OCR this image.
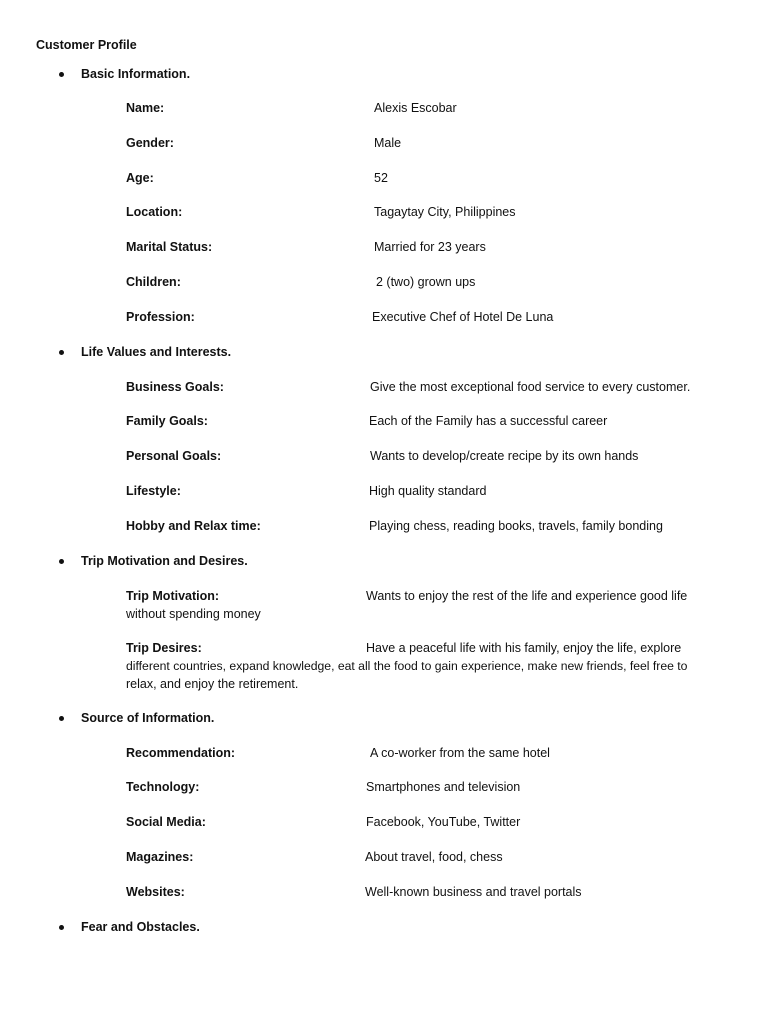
Customer Profile
Basic Information.
Name:	Alexis Escobar
Gender:	Male
Age:	52
Location:	Tagaytay City, Philippines
Marital Status:	Married for 23 years
Children:	2 (two) grown ups
Profession:	Executive Chef of Hotel De Luna
Life Values and Interests.
Business Goals:	Give the most exceptional food service to every customer.
Family Goals:	Each of the Family has a successful career
Personal Goals:	Wants to develop/create recipe by its own hands
Lifestyle:	High quality standard
Hobby and Relax time:	Playing chess, reading books, travels, family bonding
Trip Motivation and Desires.
Trip Motivation:	Wants to enjoy the rest of the life and experience good life
without spending money
Trip Desires:	Have a peaceful life with his family, enjoy the life, explore
different countries, expand knowledge, eat all the food to gain experience, make new friends, feel free to
relax, and enjoy the retirement.
Source of Information.
Recommendation:	A co-worker from the same hotel
Technology:	Smartphones and television
Social Media:	Facebook, YouTube, Twitter
Magazines:	About travel, food, chess
Websites:	Well-known business and travel portals
Fear and Obstacles.
